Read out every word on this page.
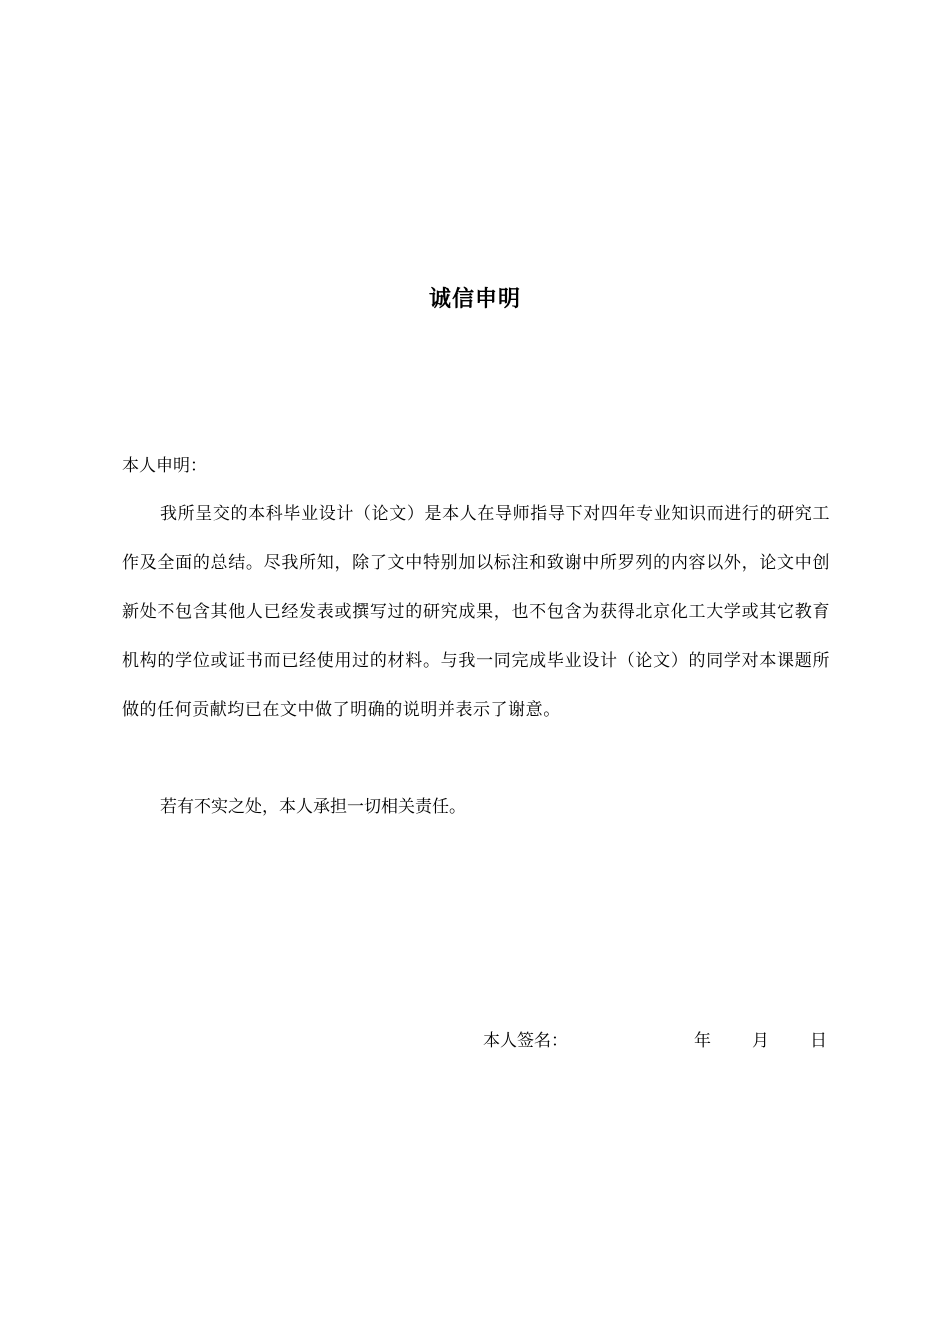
诚信申明
本人申明：

我所呈交的本科毕业设计（论文）是本人在导师指导下对四年专业知识而进行的研究工作及全面的总结。尽我所知，除了文中特别加以标注和致谢中所罗列的内容以外，论文中创新处不包含其他人已经发表或撰写过的研究成果，也不包含为获得北京化工大学或其它教育机构的学位或证书而已经使用过的材料。与我一同完成毕业设计（论文）的同学对本课题所做的任何贡献均已在文中做了明确的说明并表示了谢意。

若有不实之处，本人承担一切相关责任。
本人签名：	年 月 日
